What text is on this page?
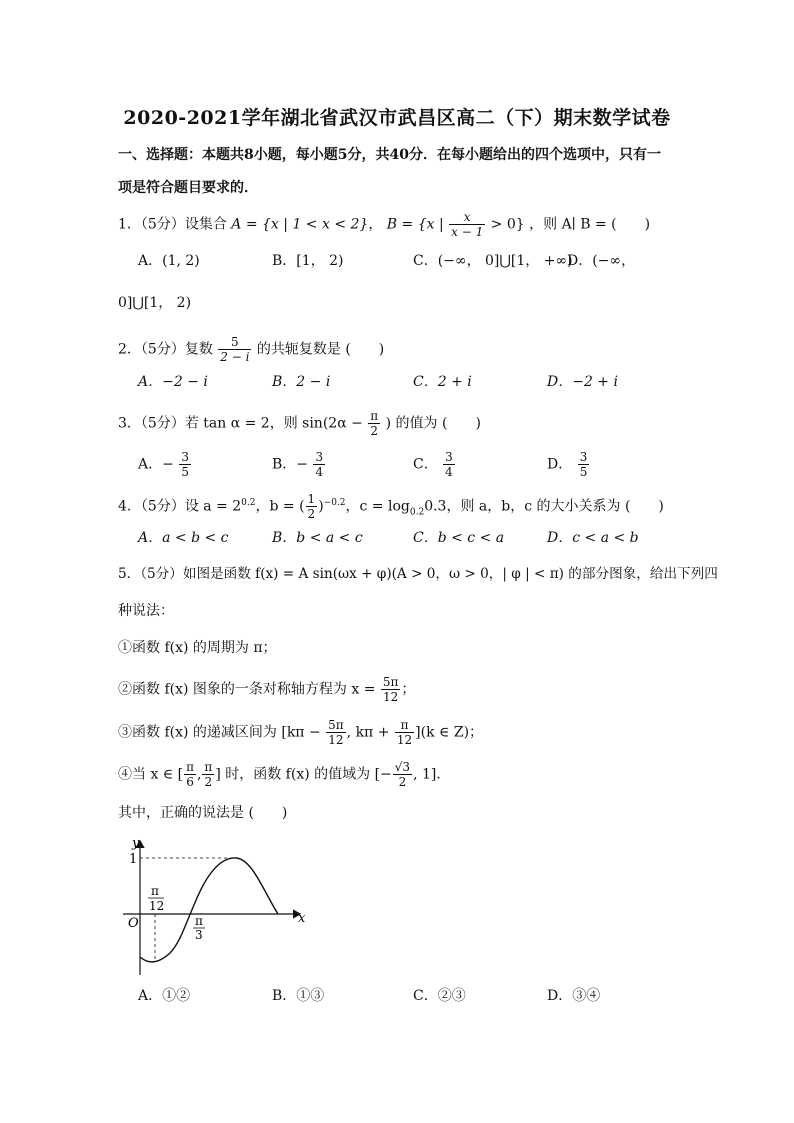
2020-2021学年湖北省武汉市武昌区高二（下）期末数学试卷
一、选择题：本题共8小题，每小题5分，共40分．在每小题给出的四个选项中，只有一
项是符合题目要求的．
1．（5分）设集合 A = {x | 1 < x < 2}， B = {x | $\frac{x}{x - 1} > 0$} ，则 A∣ B = (　　)
A．(1, 2)	B．[1， 2)	C．(−∞， 0]⋃[1， +∞)
D．(−∞，
0]⋃[1， 2)
2．（5分）复数 $\frac{5}{2 - i}$ 的共轭复数是 (　　)
A．−2 − i	B．2 − i	C．2 + i	D．−2 + i
3．（5分）若 tan α = 2，则 $\sin(2\alpha - \frac{\pi}{2}$ ) 的值为 (　　)
A．− $\frac{3}{5}$	B．− $\frac{3}{4}$	C． $\frac{3}{4}$	D． $\frac{3}{5}$
4．（5分）设 $a = 2^{0.2}$，b = ( $\frac{1}{2} )^{-0.2}$，$c = \log_{0.2}0.3$，则 a，b，c 的大小关系为 (　　)
A．a < b < c	B．b < a < c	C．b < c < a	D．c < a < b
5．（5分）如图是函数 f(x) = A sin(ωx + φ)(A > 0，ω > 0，| φ | < π) 的部分图象，给出下列四
种说法：
①函数 f(x) 的周期为 π；
②函数 f(x) 图象的一条对称轴方程为 $x = \frac{5\pi}{12}$ ；
③函数 f(x) 的递减区间为 [$k\pi - \frac{5\pi}{12}$ , $k\pi + \frac{\pi}{12} ](k$ ∈ Z)；
④当 x ∈ [ $\frac{\pi}{6}$ , $\frac{\pi}{2}$ ] 时，函数 f(x) 的值域为 [− $\frac{√3}{2}$ , 1]．
其中，正确的说法是 (　　)
y
x
O
1
π
12
π
3
A．①②	B．①③	C．②③	D．③④
